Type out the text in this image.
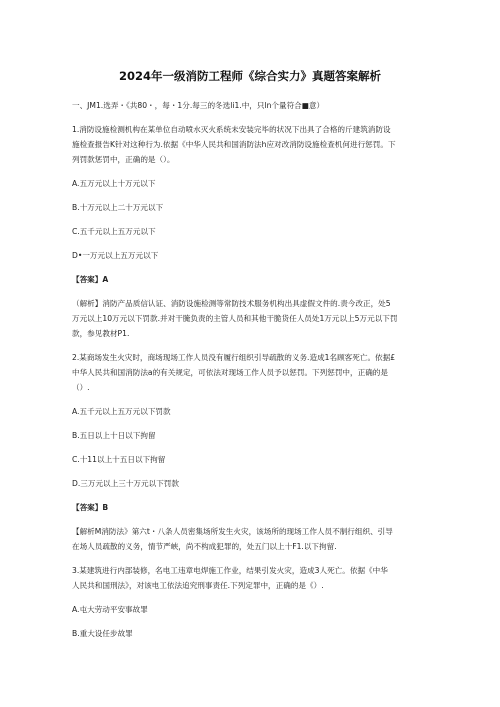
2024年一级消防工程师《综合实力》真题答案解析
一、JM1.选弄・《共80・，每・1分.每三的冬选li1.中，只ln个量符合■意）
1.消防设施检测机构在某单位自动喷水灭火系统未安装完毕的状况下出具了合格的斤建筑消防设
施检查报告K针对这种行为.依据《中华人民共和国消防法h应对改消防设施检查机何进行惩罚。下
列罚款惩罚中，正确的是（）。
A.五万元以上十万元以下
B.十万元以上二十万元以下
C.五千元以上五万元以下
D•一万元以上五万元以下
【答案】A
（解析】消防产品质信认证、消防设施检测等常防技术服务机构出具虚假文件的.责今改正，处5
万元以上10万元以下罚款.并对干腌负责的主管人员和其他干脆货任人员处1万元以上5万元以下罚
款，参见教材P1.
2.某商场发生火灾时，商场现场工作人员没有履行组织引导疏散的义务.造成1名顾客死亡。依据£
中华人民共和国消防法a的有关规定，可依法对现场工作人员予以惩罚。下列惩罚中，正确的是
（）.
A.五千元以上五万元以下罚款
B.五日以上十日以下拘留
C.十11以上十五日以下拘留
D.三万元以上三十万元以下罚款
【答案】B
【解析M消防法》第六t・八条人员密集场所发生火灾，该场所的现场工作人员不制行组织、引导
在场人员疏散的义务，情节严峡，尚不构成犯罪的，处五门以上十F1.以下拘留.
3.某建筑进行内部装修，名电工违章电焊施工作业，结果引发火灾，造成3人死亡。依据《中华
人民共和国刑法》，对该电工依法追究刑事责任.下列定罪中，正确的是《）.
A.屯大劳动平安事故罪
B.重大设任步故罪
